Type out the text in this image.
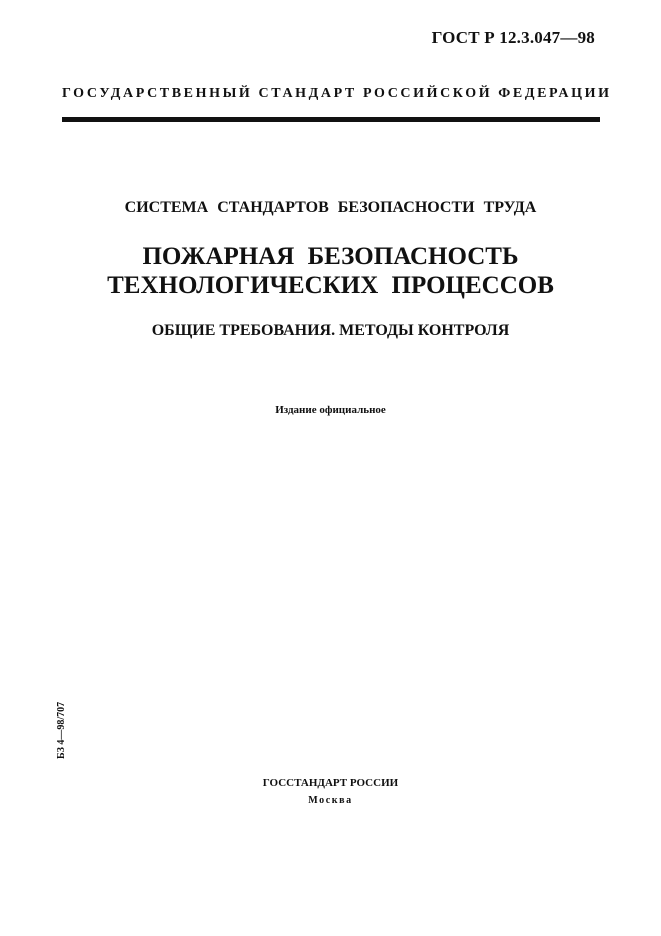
ГОСТ Р 12.3.047—98
ГОСУДАРСТВЕННЫЙ СТАНДАРТ РОССИЙСКОЙ ФЕДЕРАЦИИ
СИСТЕМА СТАНДАРТОВ БЕЗОПАСНОСТИ ТРУДА
ПОЖАРНАЯ БЕЗОПАСНОСТЬ
ТЕХНОЛОГИЧЕСКИХ ПРОЦЕССОВ
ОБЩИЕ ТРЕБОВАНИЯ. МЕТОДЫ КОНТРОЛЯ
Издание официальное
БЗ 4—98/707
ГОССТАНДАРТ РОССИИ
Москва
